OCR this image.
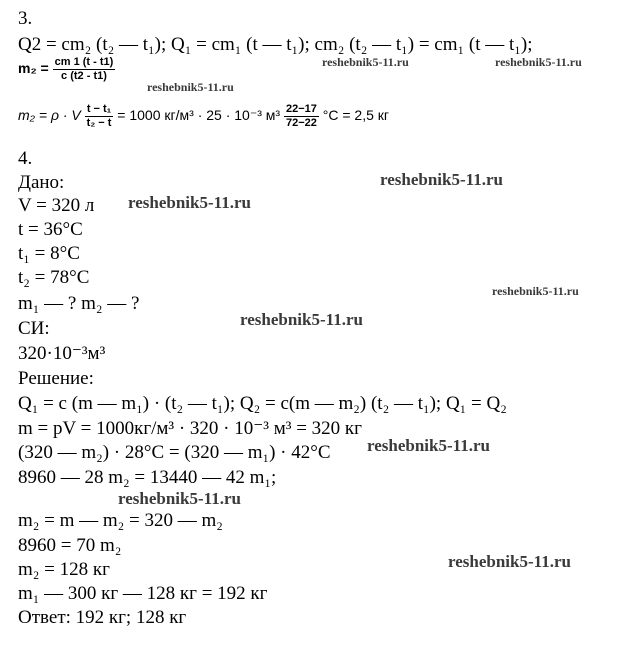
3.
Q2 = cm₂ (t₂ — t₁); Q₁ = cm₁ (t — t₁); cm₂ (t₂ — t₁) = cm₁ (t — t₁);
$m_2 = \frac{cm 1 (t - t1)}{c (t2 - t1)}$
m₂ = ρ · V $\frac{\text{t − t₁}}{\text{t₂ − t}} = 1000$ кг/м³ · 25 · 10⁻³ $м^3 \frac{22-17}{72-22} ^\circ C = 2,5$ кг
4.
Дано:
V = 320 л
t = 36°С
t₁ = 8°С
t₂ = 78°С
m₁ — ? m₂ — ?
СИ:
320·10⁻³м³
Решение:
Q₁ = c (m — m₁) · (t₂ — t₁); Q₂ = c(m — m₂) (t₂ — t₁); Q₁ = Q₂
m = pV = 1000кг/м³ · 320 · 10⁻³ м³ = 320 кг
(320 — m₂) · 28°С = (320 — m₁) · 42°С
8960 — 28 m₂ = 13440 — 42 m₁;
m₂ = m — m₂ = 320 — m₂
8960 = 70 m₂
m₂ = 128 кг
m₁ — 300 кг — 128 кг = 192 кг
Ответ: 192 кг; 128 кг
reshebnik5-11.ru	reshebnik5-11.ru
reshebnik5-11.ru
reshebnik5-11.ru
reshebnik5-11.ru
reshebnik5-11.ru
reshebnik5-11.ru
reshebnik5-11.ru
reshebnik5-11.ru
reshebnik5-11.ru
